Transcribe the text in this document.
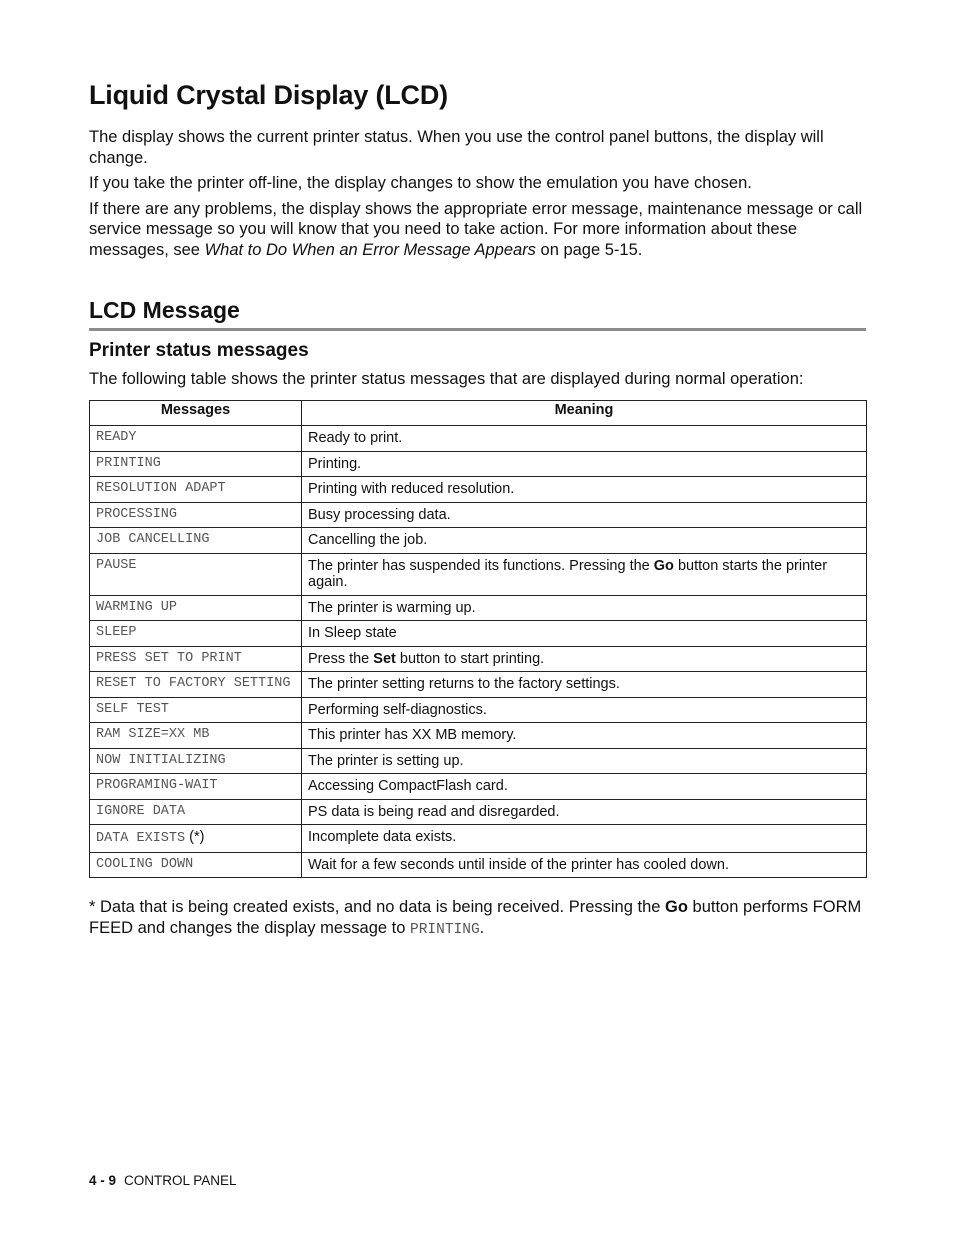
Liquid Crystal Display (LCD)

The display shows the current printer status. When you use the control panel buttons, the display will change.

If you take the printer off-line, the display changes to show the emulation you have chosen.

If there are any problems, the display shows the appropriate error message, maintenance message or call service message so you will know that you need to take action. For more information about these messages, see What to Do When an Error Message Appears on page 5-15.

LCD Message
Printer status messages

The following table shows the printer status messages that are displayed during normal operation:

Messages	Meaning
READY	Ready to print.
PRINTING	Printing.
RESOLUTION ADAPT	Printing with reduced resolution.
PROCESSING	Busy processing data.
JOB CANCELLING	Cancelling the job.
PAUSE	The printer has suspended its functions. Pressing the Go button starts the printer again.
WARMING UP	The printer is warming up.
SLEEP	In Sleep state
PRESS SET TO PRINT	Press the Set button to start printing.
RESET TO FACTORY SETTING	The printer setting returns to the factory settings.
SELF TEST	Performing self-diagnostics.
RAM SIZE=XX MB	This printer has XX MB memory.
NOW INITIALIZING	The printer is setting up.
PROGRAMING-WAIT	Accessing CompactFlash card.
IGNORE DATA	PS data is being read and disregarded.
DATA EXISTS (*)	Incomplete data exists.
COOLING DOWN	Wait for a few seconds until inside of the printer has cooled down.

* Data that is being created exists, and no data is being received. Pressing the Go button performs FORM FEED and changes the display message to PRINTING.

4 - 9 CONTROL PANEL
